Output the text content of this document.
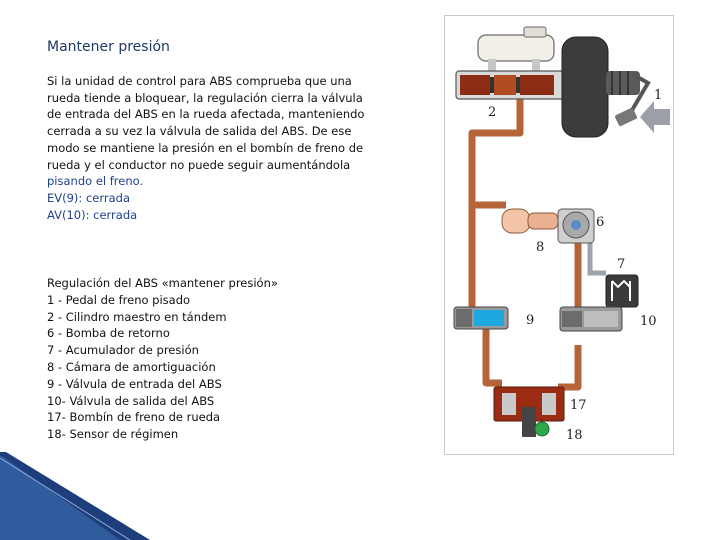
Mantener presión
Si la unidad de control para ABS comprueba que una
rueda tiende a bloquear, la regulación cierra la válvula
de entrada del ABS en la rueda afectada, manteniendo
cerrada a su vez la válvula de salida del ABS. De ese
modo se mantiene la presión en el bombín de freno de
rueda y el conductor no puede seguir aumentándola
pisando el freno.
EV(9): cerrada
AV(10): cerrada
Regulación del ABS «mantener presión»
1 - Pedal de freno pisado
2 - Cilindro maestro en tándem
6 - Bomba de retorno
7 - Acumulador de presión
8 - Cámara de amortiguación
9 - Válvula de entrada del ABS
10- Válvula de salida del ABS
17- Bombín de freno de rueda
18- Sensor de régimen
1
2
6
8
7
9	10
17
18
